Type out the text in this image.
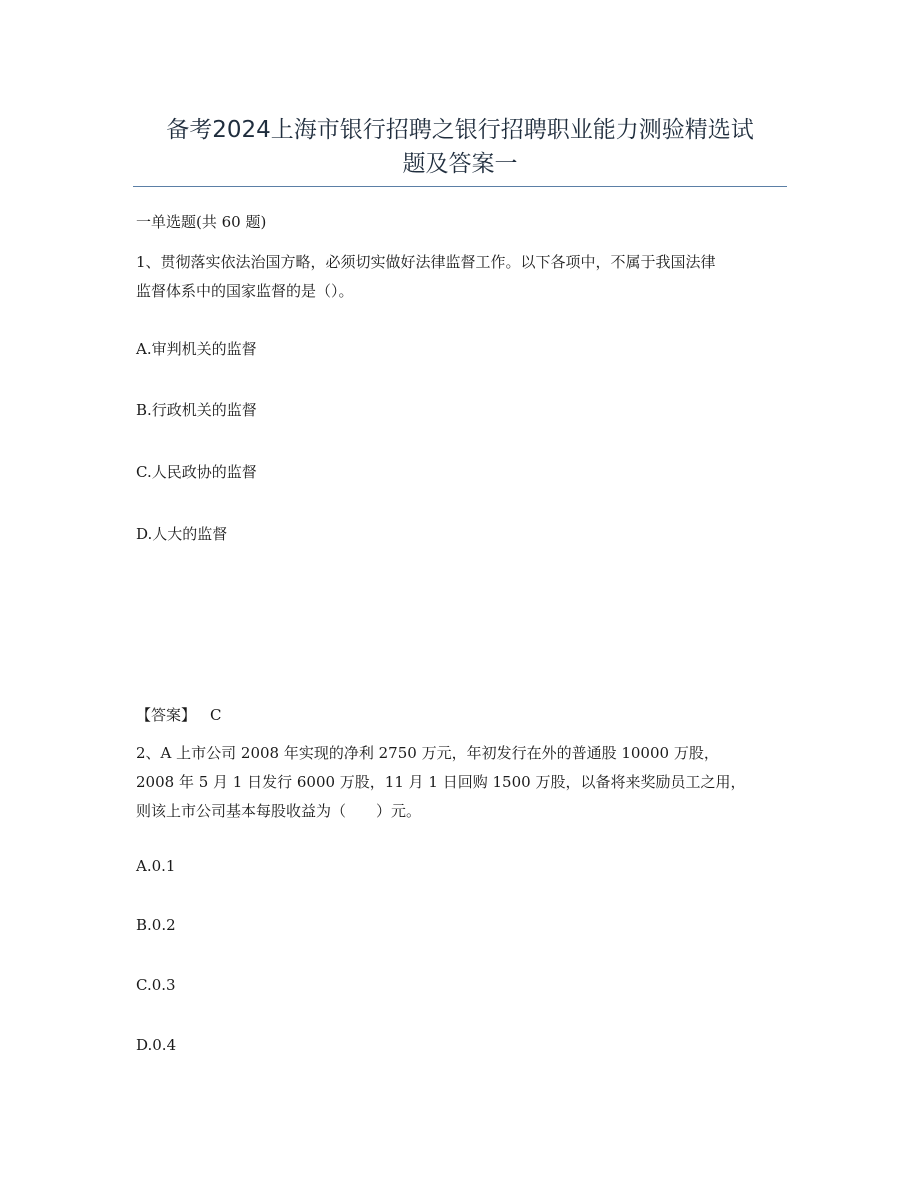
备考2024上海市银行招聘之银行招聘职业能力测验精选试
题及答案一
一单选题(共 60 题)
1、贯彻落实依法治国方略，必须切实做好法律监督工作。以下各项中，不属于我国法律
监督体系中的国家监督的是（）。
A.审判机关的监督
B.行政机关的监督
C.人民政协的监督
D.人大的监督
【答案】 C
2、A 上市公司 2008 年实现的净利 2750 万元，年初发行在外的普通股 10000 万股，
2008 年 5 月 1 日发行 6000 万股，11 月 1 日回购 1500 万股，以备将来奖励员工之用，
则该上市公司基本每股收益为（　　）元。
A.0.1
B.0.2
C.0.3
D.0.4
